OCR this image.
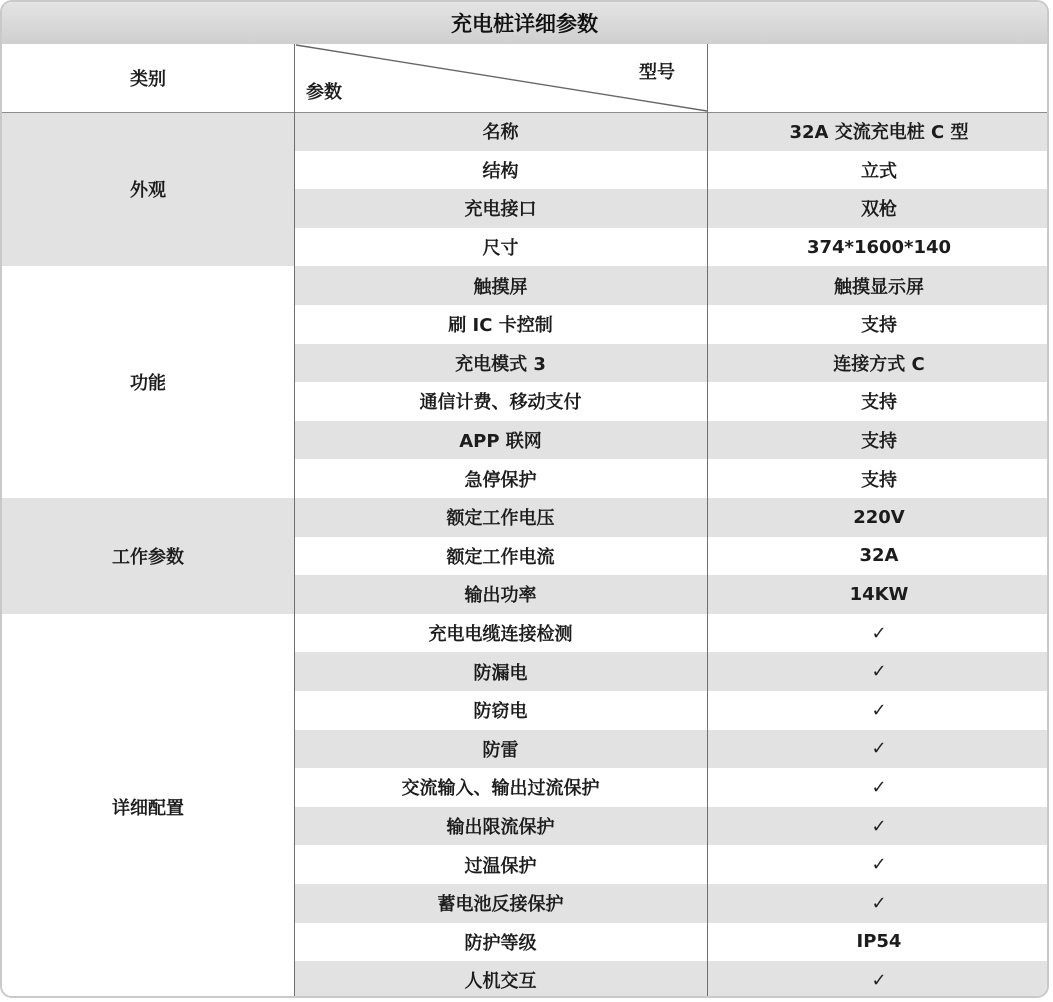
充电桩详细参数
类别	型号
参数
外观
名称	32A 交流充电桩 C 型
结构	立式
充电接口	双枪
尺寸	374*1600*140
功能
触摸屏	触摸显示屏
刷 IC 卡控制	支持
充电模式 3	连接方式 C
通信计费、移动支付	支持
APP 联网	支持
急停保护	支持
工作参数
额定工作电压	220V
额定工作电流	32A
输出功率	14KW
详细配置
充电电缆连接检测	✓
防漏电	✓
防窃电	✓
防雷	✓
交流输入、输出过流保护	✓
输出限流保护	✓
过温保护	✓
蓄电池反接保护	✓
防护等级	IP54
人机交互	✓
